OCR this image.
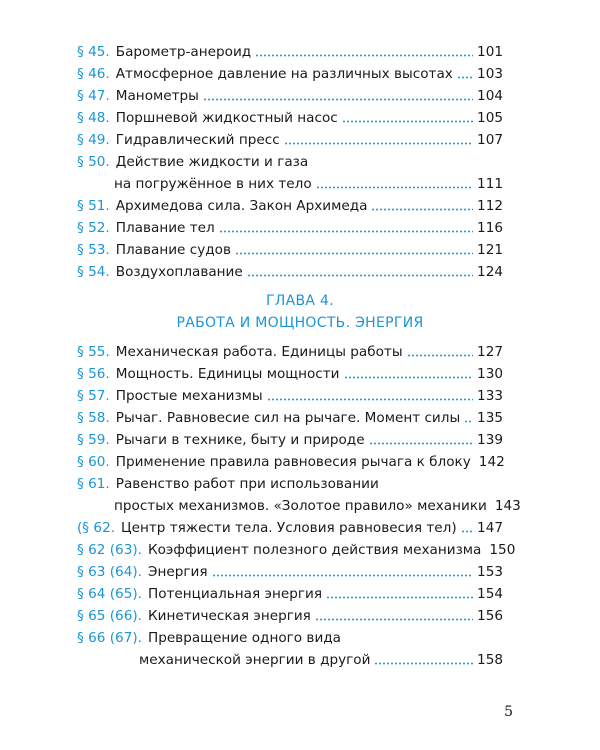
§ 45. Барометр-анероид	101
§ 46. Атмосферное давление на различных высотах 103
§ 47. Манометры	104
§ 48. Поршневой жидкостный насос	105
§ 49. Гидравлический пресс	107
§ 50. Действие жидкости и газа
на погружённое в них тело	111
§ 51. Архимедова сила. Закон Архимеда	112
§ 52. Плавание тел	116
§ 53. Плавание судов	121
§ 54. Воздухоплавание	124
ГЛАВА 4.
РАБОТА И МОЩНОСТЬ. ЭНЕРГИЯ
§ 55. Механическая работа. Единицы работы	127
§ 56. Мощность. Единицы мощности	130
§ 57. Простые механизмы	133
§ 58. Рычаг. Равновесие сил на рычаге. Момент силы 135
§ 59. Рычаги в технике, быту и природе	139
§ 60. Применение правила равновесия рычага к блоку 142
§ 61. Равенство работ при использовании
простых механизмов. «Золотое правило» механики 143
(§ 62. Центр тяжести тела. Условия равновесия тел) 147
§ 62 (63). Коэффициент полезного действия механизма 150
§ 63 (64). Энергия	153
§ 64 (65). Потенциальная энергия	154
§ 65 (66). Кинетическая энергия	156
§ 66 (67). Превращение одного вида
механической энергии в другой	158
5
